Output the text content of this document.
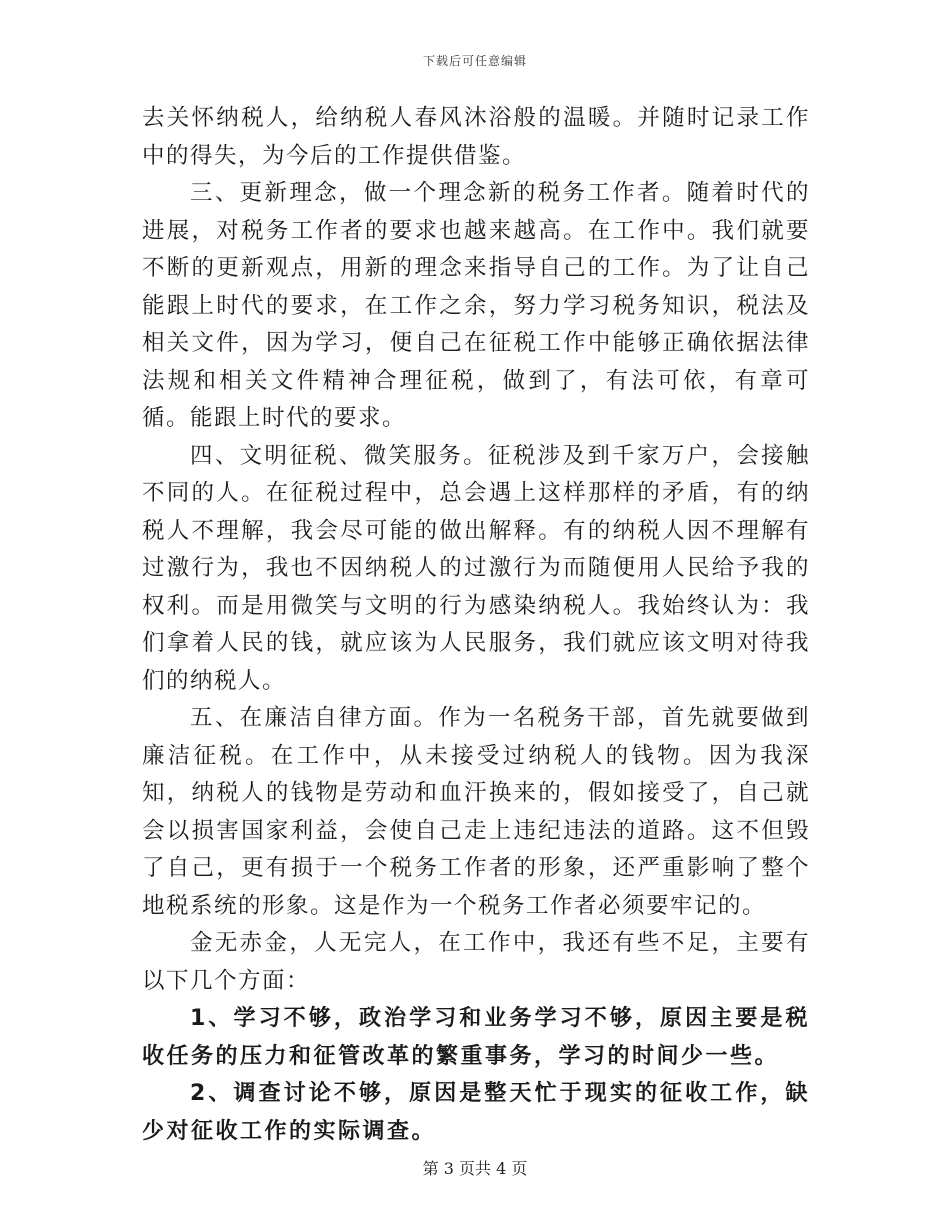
下载后可任意编辑

去关怀纳税人，给纳税人春风沐浴般的温暖。并随时记录工作中的得失，为今后的工作提供借鉴。

三、更新理念，做一个理念新的税务工作者。随着时代的进展，对税务工作者的要求也越来越高。在工作中。我们就要不断的更新观点，用新的理念来指导自己的工作。为了让自己能跟上时代的要求，在工作之余，努力学习税务知识，税法及相关文件，因为学习，便自己在征税工作中能够正确依据法律法规和相关文件精神合理征税，做到了，有法可依，有章可循。能跟上时代的要求。

四、文明征税、微笑服务。征税涉及到千家万户，会接触不同的人。在征税过程中，总会遇上这样那样的矛盾，有的纳税人不理解，我会尽可能的做出解释。有的纳税人因不理解有过激行为，我也不因纳税人的过激行为而随便用人民给予我的权利。而是用微笑与文明的行为感染纳税人。我始终认为：我们拿着人民的钱，就应该为人民服务，我们就应该文明对待我们的纳税人。

五、在廉洁自律方面。作为一名税务干部，首先就要做到廉洁征税。在工作中，从未接受过纳税人的钱物。因为我深知，纳税人的钱物是劳动和血汗换来的，假如接受了，自己就会以损害国家利益，会使自己走上违纪违法的道路。这不但毁了自己，更有损于一个税务工作者的形象，还严重影响了整个地税系统的形象。这是作为一个税务工作者必须要牢记的。

金无赤金，人无完人，在工作中，我还有些不足，主要有以下几个方面：

1、学习不够，政治学习和业务学习不够，原因主要是税收任务的压力和征管改革的繁重事务，学习的时间少一些。

2、调查讨论不够，原因是整天忙于现实的征收工作，缺少对征收工作的实际调查。

第 3 页共 4 页
